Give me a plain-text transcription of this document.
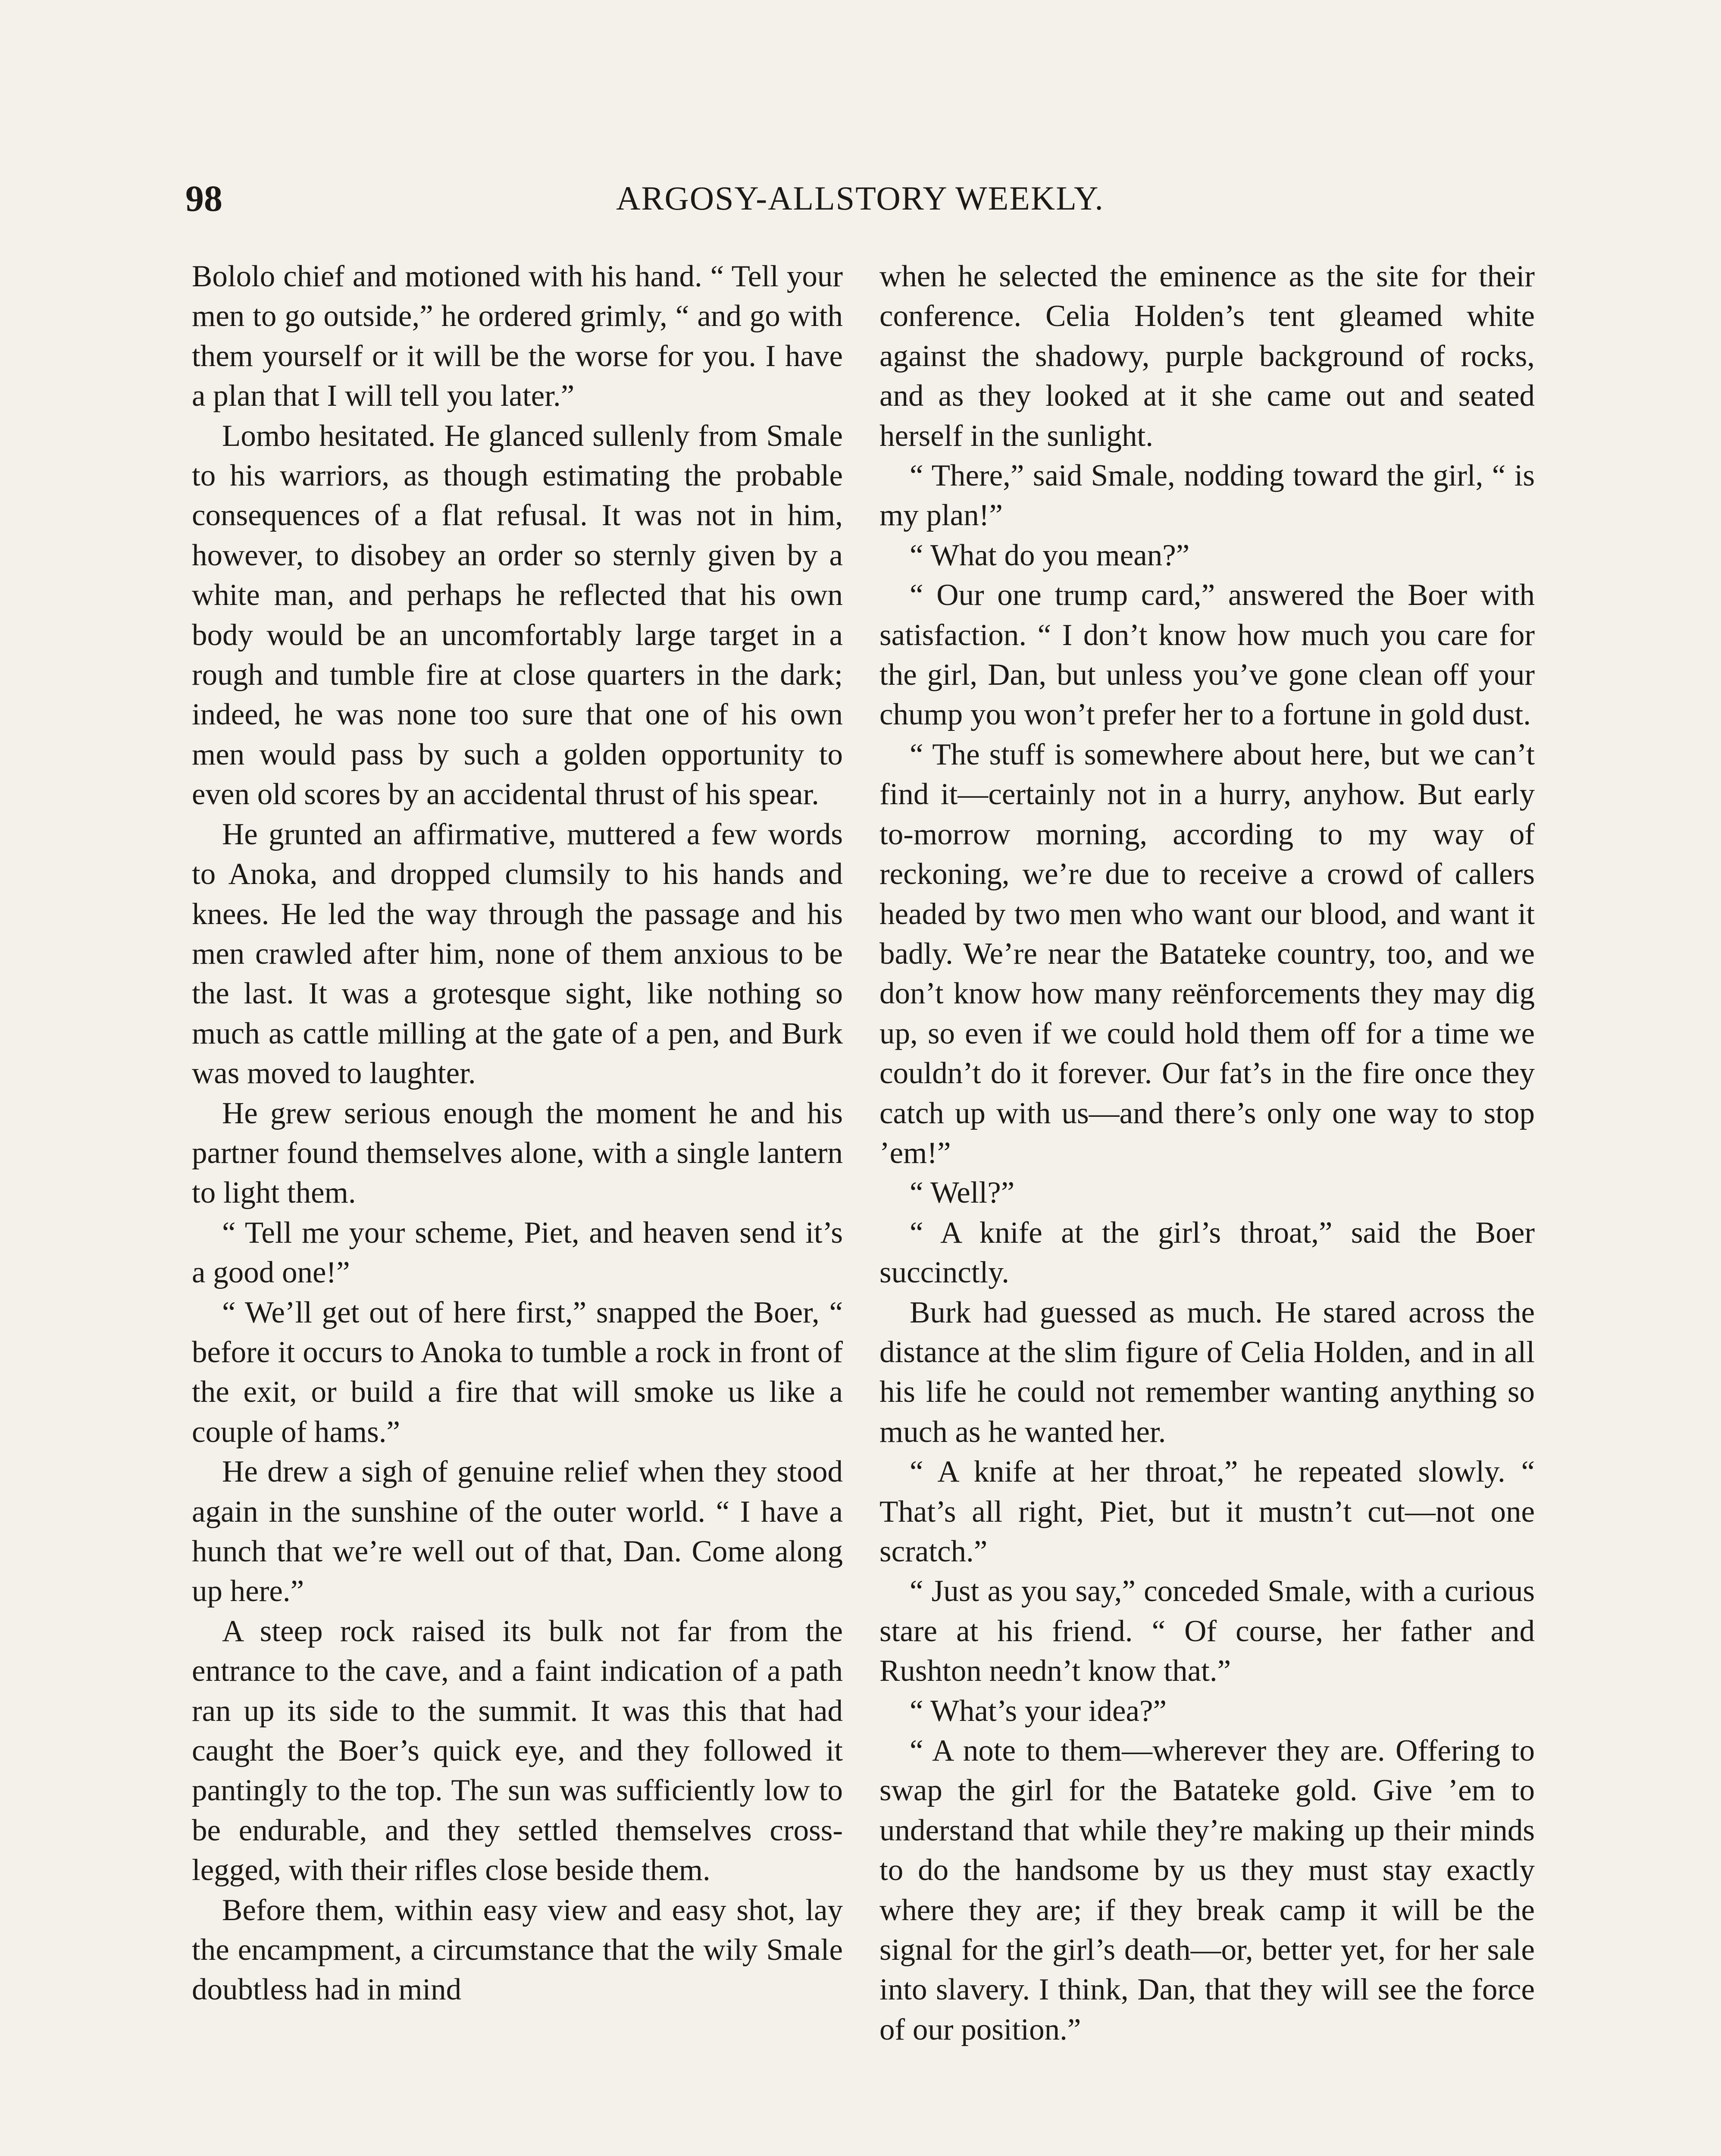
98	ARGOSY-ALLSTORY WEEKLY.

Bololo chief and motioned with his hand. “ Tell your men to go outside,” he ordered grimly, “ and go with them yourself or it will be the worse for you. I have a plan that I will tell you later.”

Lombo hesitated. He glanced sullenly from Smale to his warriors, as though estimating the probable consequences of a flat refusal. It was not in him, however, to disobey an order so sternly given by a white man, and perhaps he reflected that his own body would be an uncomfortably large target in a rough and tumble fire at close quarters in the dark; indeed, he was none too sure that one of his own men would pass by such a golden opportunity to even old scores by an accidental thrust of his spear.

He grunted an affirmative, muttered a few words to Anoka, and dropped clumsily to his hands and knees. He led the way through the passage and his men crawled after him, none of them anxious to be the last. It was a grotesque sight, like nothing so much as cattle milling at the gate of a pen, and Burk was moved to laughter.

He grew serious enough the moment he and his partner found themselves alone, with a single lantern to light them.

“ Tell me your scheme, Piet, and heaven send it’s a good one!”

“ We’ll get out of here first,” snapped the Boer, “ before it occurs to Anoka to tumble a rock in front of the exit, or build a fire that will smoke us like a couple of hams.”

He drew a sigh of genuine relief when they stood again in the sunshine of the outer world. “ I have a hunch that we’re well out of that, Dan. Come along up here.”

A steep rock raised its bulk not far from the entrance to the cave, and a faint indication of a path ran up its side to the summit. It was this that had caught the Boer’s quick eye, and they followed it pantingly to the top. The sun was sufficiently low to be endurable, and they settled themselves cross-legged, with their rifles close beside them.

Before them, within easy view and easy shot, lay the encampment, a circumstance that the wily Smale doubtless had in mind

when he selected the eminence as the site for their conference. Celia Holden’s tent gleamed white against the shadowy, purple background of rocks, and as they looked at it she came out and seated herself in the sunlight.

“ There,” said Smale, nodding toward the girl, “ is my plan!”

“ What do you mean?”

“ Our one trump card,” answered the Boer with satisfaction. “ I don’t know how much you care for the girl, Dan, but unless you’ve gone clean off your chump you won’t prefer her to a fortune in gold dust.

“ The stuff is somewhere about here, but we can’t find it—certainly not in a hurry, anyhow. But early to-morrow morning, according to my way of reckoning, we’re due to receive a crowd of callers headed by two men who want our blood, and want it badly. We’re near the Batateke country, too, and we don’t know how many reënforcements they may dig up, so even if we could hold them off for a time we couldn’t do it forever. Our fat’s in the fire once they catch up with us—and there’s only one way to stop ’em!”

“ Well?”

“ A knife at the girl’s throat,” said the Boer succinctly.

Burk had guessed as much. He stared across the distance at the slim figure of Celia Holden, and in all his life he could not remember wanting anything so much as he wanted her.

“ A knife at her throat,” he repeated slowly. “ That’s all right, Piet, but it mustn’t cut—not one scratch.”

“ Just as you say,” conceded Smale, with a curious stare at his friend. “ Of course, her father and Rushton needn’t know that.”

“ What’s your idea?”

“ A note to them—wherever they are. Offering to swap the girl for the Batateke gold. Give ’em to understand that while they’re making up their minds to do the handsome by us they must stay exactly where they are; if they break camp it will be the signal for the girl’s death—or, better yet, for her sale into slavery. I think, Dan, that they will see the force of our position.”
